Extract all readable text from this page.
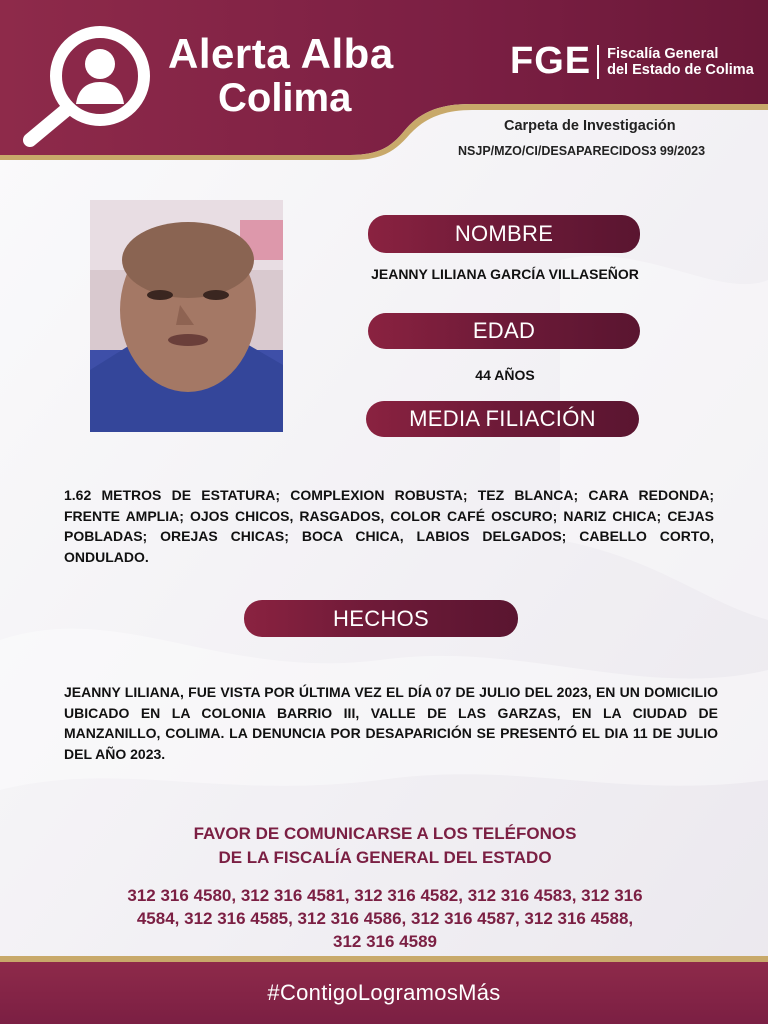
Alerta Alba
Colima
FGE Fiscalía General
del Estado de Colima
Carpeta de Investigación
NSJP/MZO/CI/DESAPARECIDOS3 99/2023
NOMBRE
JEANNY LILIANA GARCÍA VILLASEÑOR
EDAD
44 AÑOS
MEDIA FILIACIÓN
1.62 METROS DE ESTATURA; COMPLEXION ROBUSTA; TEZ BLANCA; CARA REDONDA; FRENTE AMPLIA; OJOS CHICOS, RASGADOS, COLOR CAFÉ OSCURO; NARIZ CHICA; CEJAS POBLADAS; OREJAS CHICAS; BOCA CHICA, LABIOS DELGADOS; CABELLO CORTO, ONDULADO.
HECHOS
JEANNY LILIANA, FUE VISTA POR ÚLTIMA VEZ EL DÍA 07 DE JULIO DEL 2023, EN UN DOMICILIO UBICADO EN LA COLONIA BARRIO III, VALLE DE LAS GARZAS, EN LA CIUDAD DE MANZANILLO, COLIMA. LA DENUNCIA POR DESAPARICIÓN SE PRESENTÓ EL DIA 11 DE JULIO DEL AÑO 2023.
FAVOR DE COMUNICARSE A LOS TELÉFONOS
DE LA FISCALÍA GENERAL DEL ESTADO
312 316 4580, 312 316 4581, 312 316 4582, 312 316 4583, 312 316
4584, 312 316 4585, 312 316 4586, 312 316 4587, 312 316 4588,
312 316 4589
#ContigoLogramosMás
